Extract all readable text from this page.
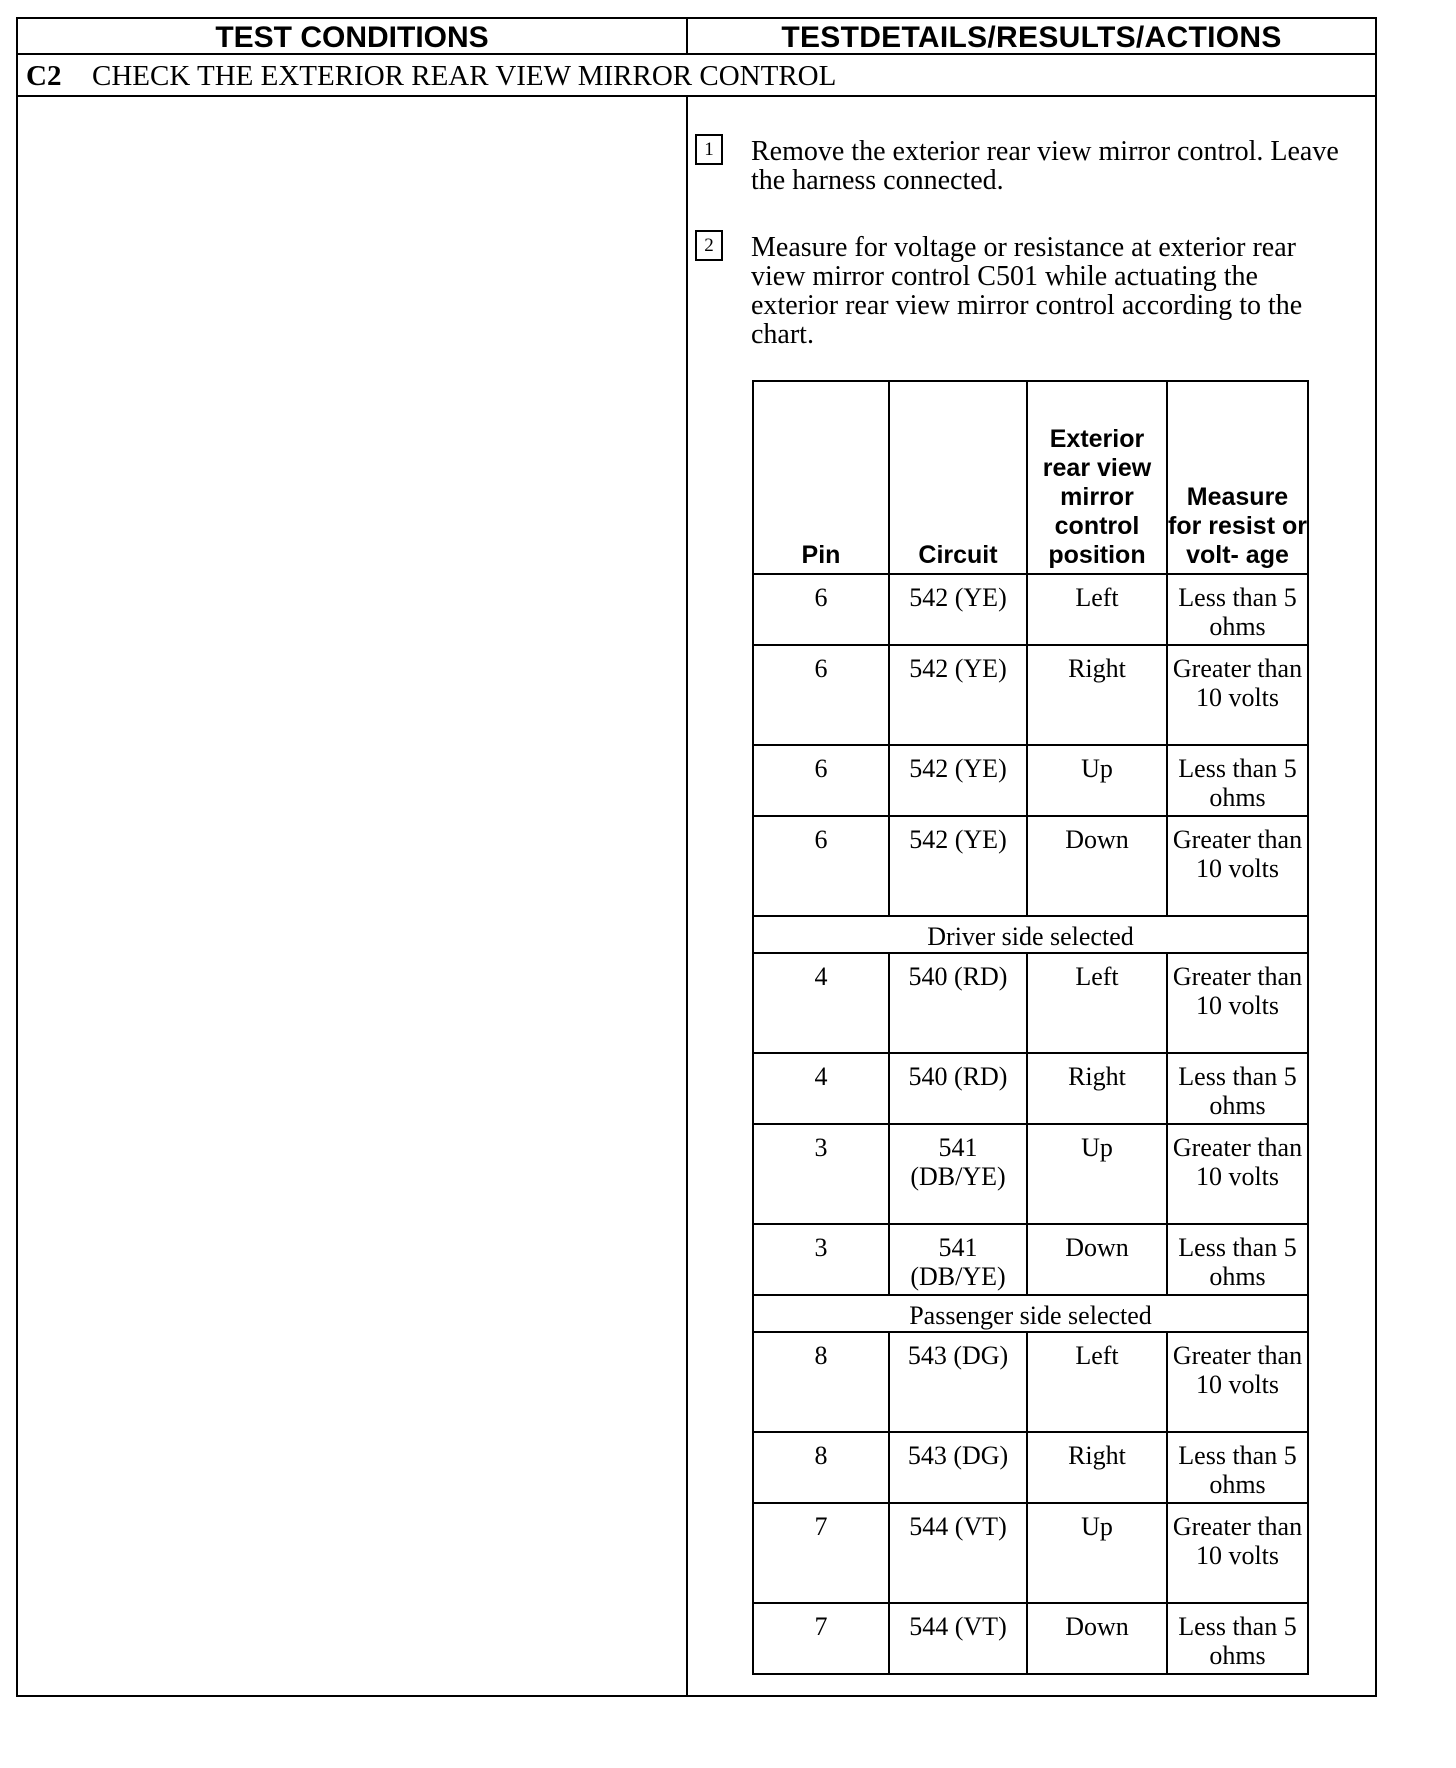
TEST CONDITIONS	TESTDETAILS/RESULTS/ACTIONS
C2 CHECK THE EXTERIOR REAR VIEW MIRROR CONTROL
1	Remove the exterior rear view mirror control. Leave the harness connected.
2	Measure for voltage or resistance at exterior rear view mirror control C501 while actuating the exterior rear view mirror control according to the chart.
Pin	Circuit	Exterior rear view mirror control position	Measure for resist or volt- age
6	542 (YE)	Left	Less than 5 ohms
6	542 (YE)	Right	Greater than 10 volts
6	542 (YE)	Up	Less than 5 ohms
6	542 (YE)	Down	Greater than 10 volts
Driver side selected			
4	540 (RD)	Left	Greater than 10 volts
4	540 (RD)	Right	Less than 5 ohms
3	541 (DB/YE)	Up	Greater than 10 volts
3	541 (DB/YE)	Down	Less than 5 ohms
Passenger side selected			
8	543 (DG)	Left	Greater than 10 volts
8	543 (DG)	Right	Less than 5 ohms
7	544 (VT)	Up	Greater than 10 volts
7	544 (VT)	Down	Less than 5 ohms
